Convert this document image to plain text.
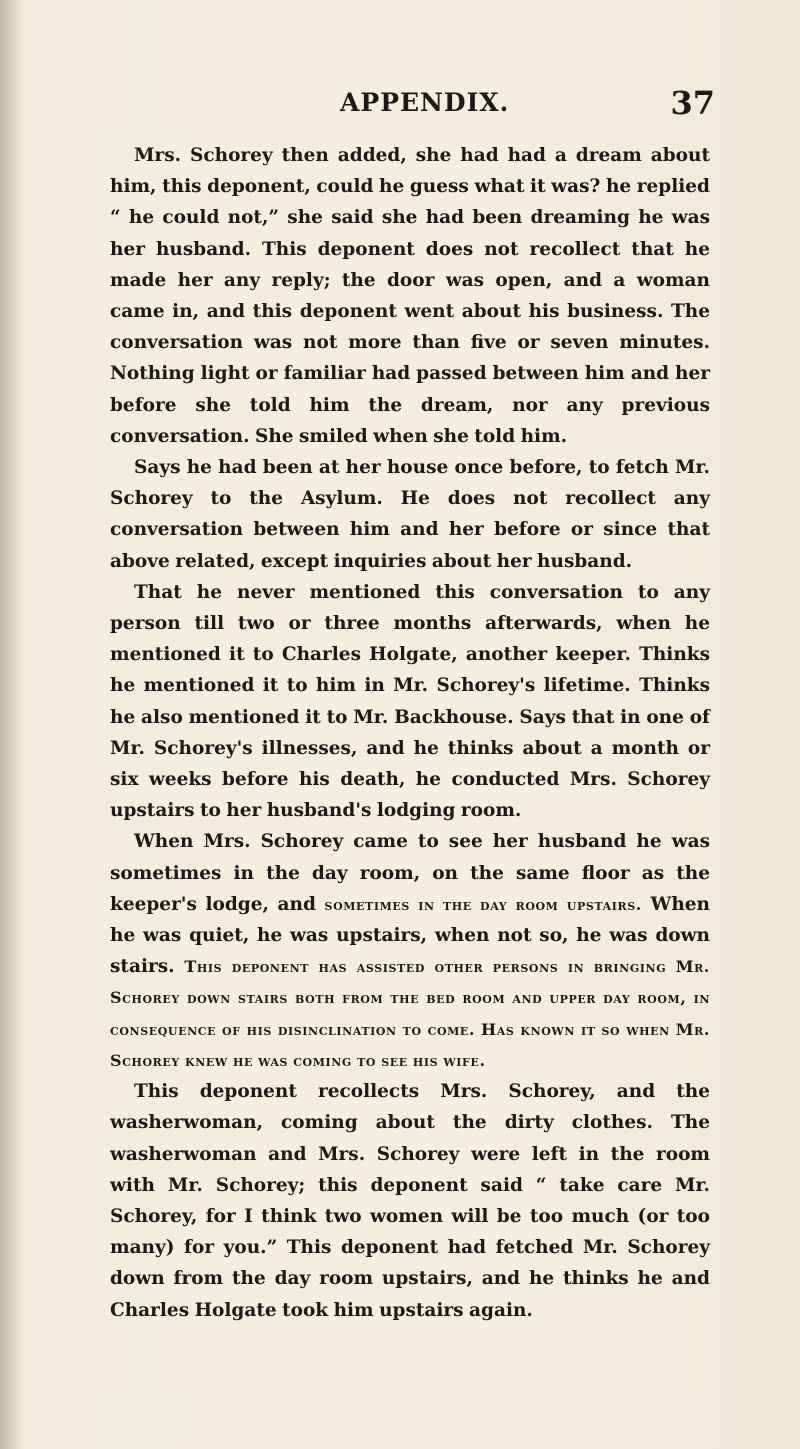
APPENDIX.	37

Mrs. Schorey then added, she had had a dream about him, this deponent, could he guess what it was? he replied “ he could not,” she said she had been dreaming he was her husband. This deponent does not recollect that he made her any reply; the door was open, and a woman came in, and this deponent went about his business. The conversation was not more than five or seven minutes. Nothing light or familiar had passed between him and her before she told him the dream, nor any previous conversation. She smiled when she told him.

Says he had been at her house once before, to fetch Mr. Schorey to the Asylum. He does not recollect any conversation between him and her before or since that above related, except inquiries about her husband.

That he never mentioned this conversation to any person till two or three months afterwards, when he mentioned it to Charles Holgate, another keeper. Thinks he mentioned it to him in Mr. Schorey's lifetime. Thinks he also mentioned it to Mr. Backhouse. Says that in one of Mr. Schorey's illnesses, and he thinks about a month or six weeks before his death, he conducted Mrs. Schorey upstairs to her husband's lodging room.

When Mrs. Schorey came to see her husband he was sometimes in the day room, on the same floor as the keeper's lodge, and sometimes in the day room upstairs. When he was quiet, he was upstairs, when not so, he was down stairs. This deponent has assisted other persons in bringing Mr. Schorey down stairs both from the bed room and upper day room, in consequence of his disinclination to come. Has known it so when Mr. Schorey knew he was coming to see his wife.

This deponent recollects Mrs. Schorey, and the washerwoman, coming about the dirty clothes. The washerwoman and Mrs. Schorey were left in the room with Mr. Schorey; this deponent said “ take care Mr. Schorey, for I think two women will be too much (or too many) for you.” This deponent had fetched Mr. Schorey down from the day room upstairs, and he thinks he and Charles Holgate took him upstairs again.
